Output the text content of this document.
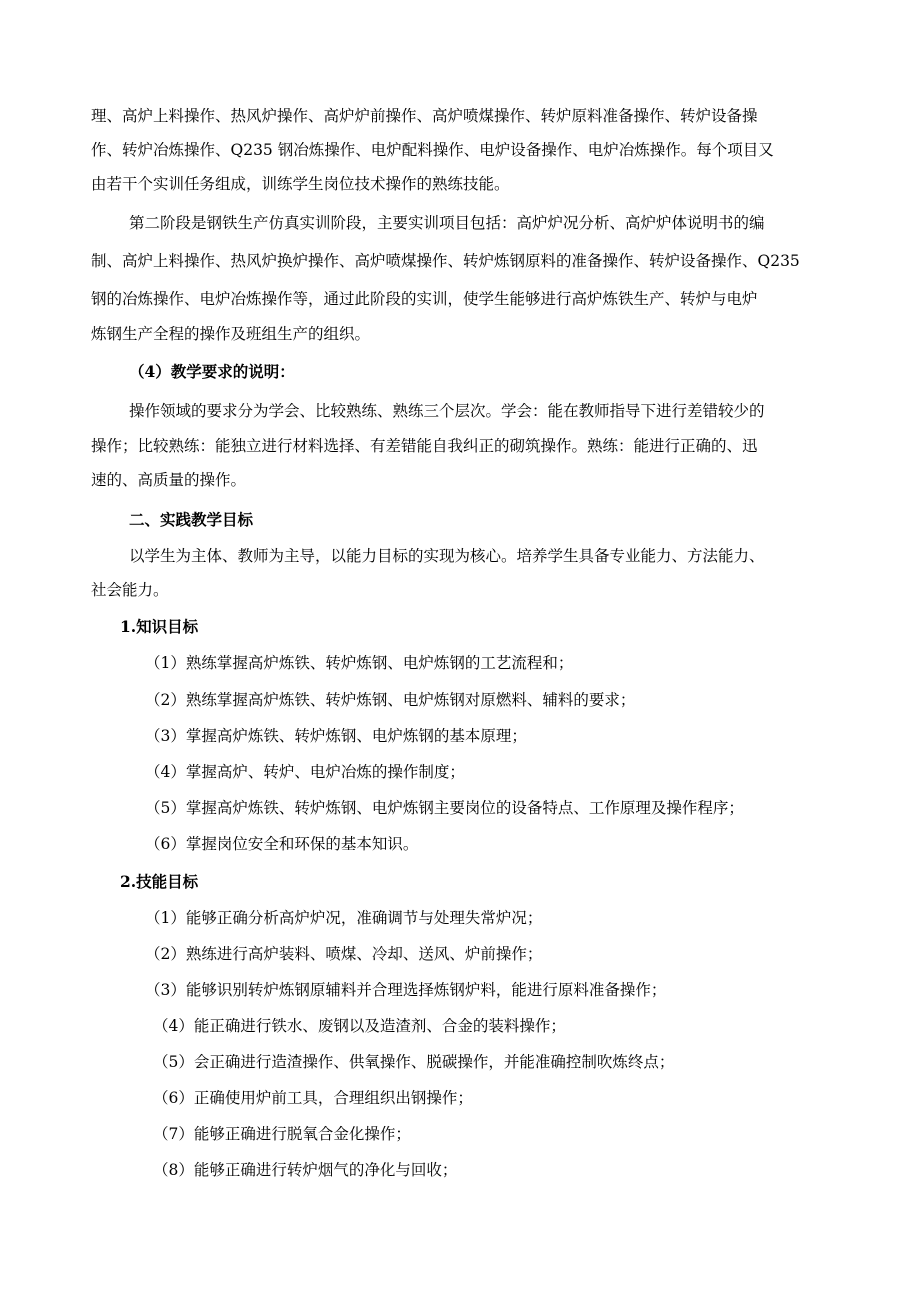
理、高炉上料操作、热风炉操作、高炉炉前操作、高炉喷煤操作、转炉原料准备操作、转炉设备操
作、转炉冶炼操作、Q235 钢冶炼操作、电炉配料操作、电炉设备操作、电炉冶炼操作。每个项目又
由若干个实训任务组成，训练学生岗位技术操作的熟练技能。
第二阶段是钢铁生产仿真实训阶段，主要实训项目包括：高炉炉况分析、高炉炉体说明书的编
制、高炉上料操作、热风炉换炉操作、高炉喷煤操作、转炉炼钢原料的准备操作、转炉设备操作、Q235
钢的冶炼操作、电炉冶炼操作等，通过此阶段的实训，使学生能够进行高炉炼铁生产、转炉与电炉
炼钢生产全程的操作及班组生产的组织。
（4）教学要求的说明：
操作领域的要求分为学会、比较熟练、熟练三个层次。学会：能在教师指导下进行差错较少的
操作；比较熟练：能独立进行材料选择、有差错能自我纠正的砌筑操作。熟练：能进行正确的、迅
速的、高质量的操作。
二、实践教学目标
以学生为主体、教师为主导，以能力目标的实现为核心。培养学生具备专业能力、方法能力、
社会能力。
1.知识目标
（1）熟练掌握高炉炼铁、转炉炼钢、电炉炼钢的工艺流程和；
（2）熟练掌握高炉炼铁、转炉炼钢、电炉炼钢对原燃料、辅料的要求；
（3）掌握高炉炼铁、转炉炼钢、电炉炼钢的基本原理；
（4）掌握高炉、转炉、电炉冶炼的操作制度；
（5）掌握高炉炼铁、转炉炼钢、电炉炼钢主要岗位的设备特点、工作原理及操作程序；
（6）掌握岗位安全和环保的基本知识。
2.技能目标
（1）能够正确分析高炉炉况，准确调节与处理失常炉况；
（2）熟练进行高炉装料、喷煤、冷却、送风、炉前操作；
（3）能够识别转炉炼钢原辅料并合理选择炼钢炉料，能进行原料准备操作；
（4）能正确进行铁水、废钢以及造渣剂、合金的装料操作；
（5）会正确进行造渣操作、供氧操作、脱碳操作，并能准确控制吹炼终点；
（6）正确使用炉前工具，合理组织出钢操作；
（7）能够正确进行脱氧合金化操作；
（8）能够正确进行转炉烟气的净化与回收；
